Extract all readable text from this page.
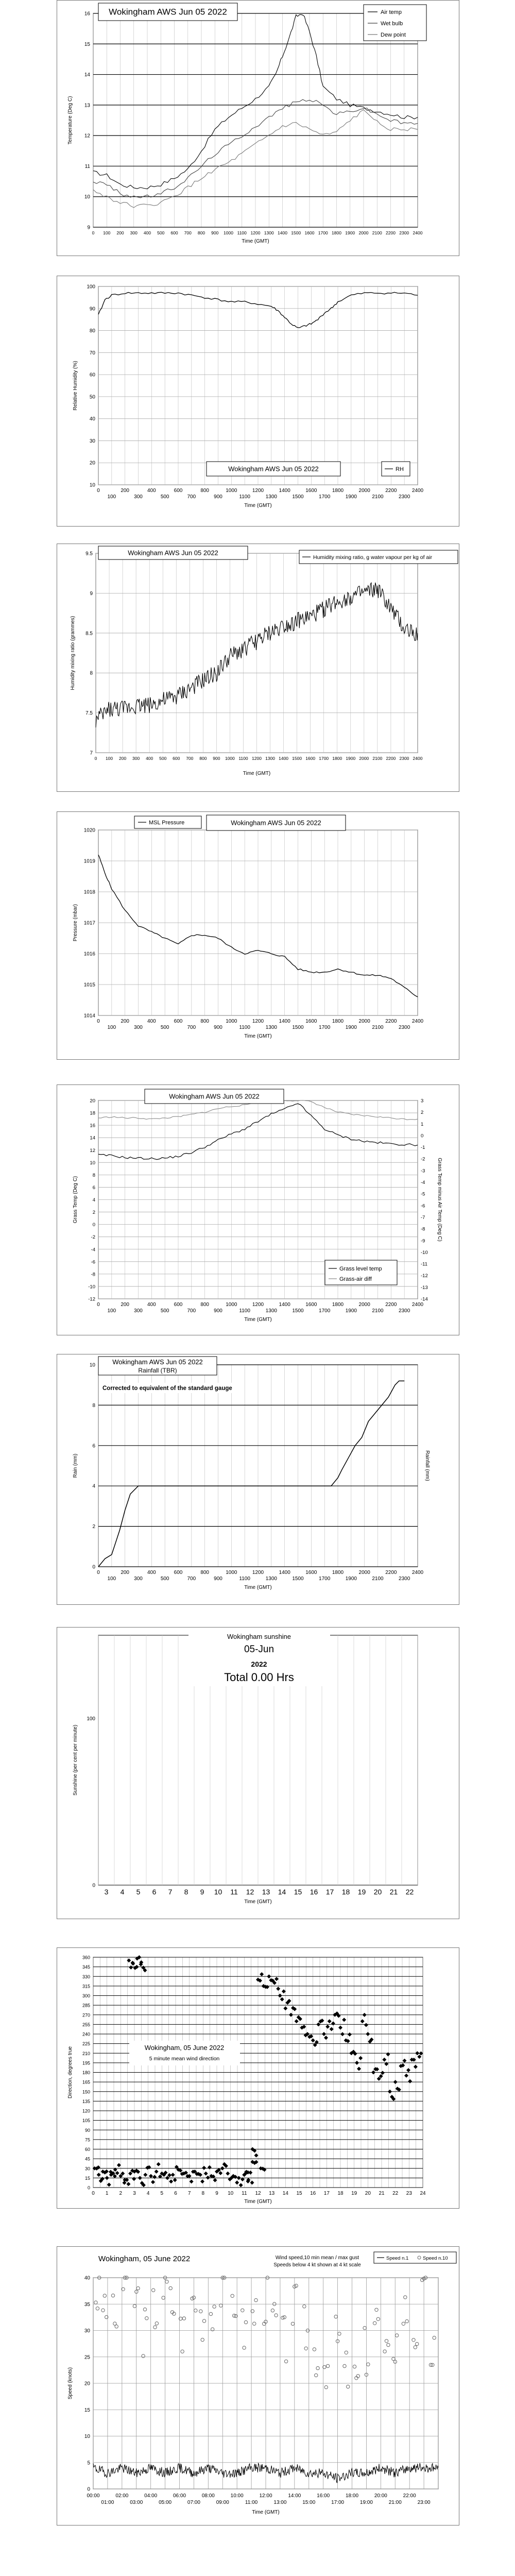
9
10
11
12
13
14
15
16
0 100 200 300 400 500 600 700 800 900 1000 1100 1200 1300 1400 1500 1600 1700 1800 1900 2000 2100 2200 2300 2400
Time (GMT)
Temperature (Deg C)
Wokingham AWS Jun 05 2022	Air temp
Wet bulb
Dew point
10
20
30
40
50
60
70
80
90
100
0	200	400	600	800	1000	1200	1400	1600	1800	2000	2200	2400
100	300	500	700	900	1100	1300	1500	1700	1900	2100	2300
Time (GMT)
Relative Humidity (%)
Wokingham AWS Jun 05 2022	RH
7
7.5
8
8.5
9
9.5
0 100 200 300 400 500 600 700 800 900 1000 1100 1200 1300 1400 1500 1600 1700 1800 1900 2000 2100 2200 2300 2400
Time (GMT)
Humidity mixing ratio (grammes)
Wokingham AWS Jun 05 2022
Humidity mixing ratio, g water vapour per kg of air
1014
1015
1016
1017
1018
1019
1020
0	200	400	600	800	1000	1200	1400	1600	1800	2000	2200	2400
100	300	500	700	900	1100	1300	1500	1700	1900	2100	2300
Time (GMT)
Pressure (mbar)
MSL Pressure	Wokingham AWS Jun 05 2022
20
18
16
14
12
10
8
6
4
2
0
-2
-4
-6
-8
-10
-12
3
2
1
0
-1
-2
-3
-4
-5
-6
-7
-8
-9
-10
-11
-12
-13
-14
0	200	400	600	800	1000	1200	1400	1600	1800	2000	2200	2400
100	300	500	700	900	1100	1300	1500	1700	1900	2100	2300
Time (GMT)
Grass Temp (Deg C)	Grass Temp minus Air Temp (Deg C)
Wokingham AWS Jun 05 2022
Grass level temp
Grass-air diff
0
2
4
6
8
10
0	200	400	600	800	1000	1200	1400	1600	1800	2000	2200	2400
100	300	500	700	900	1100	1300	1500	1700	1900	2100	2300
Time (GMT)
Rain (mm)	Rainfall (mm)
Wokingham AWS Jun 05 2022
Rainfall (TBR)
Corrected to equivalent of the standard gauge
0
100
3 4 5 6 7 8 9 10 11 12 13 14 15 16 17 18 19 20 21 22
Time (GMT)
Sunshine (per cent per minute)
Wokingham sunshine
05-Jun
2022
Total 0.00 Hrs
0
15
30
45
60
75
90
105
120
135
150
165
180
195
210
225
240
255
270
285
300
315
330
345
360
0 1 2 3 4 5 6 7 8 9 10 11 12 13 14 15 16 17 18 19 20 21 22 23 24
Time (GMT)
Direction, degrees true	Wokingham, 05 June 2022
5 minute mean wind direction
0
5
10
15
20
25
30
35
40
00:00	02:00	04:00	06:00	08:00	10:00	12:00	14:00	16:00	18:00	20:00	22:00
01:00	03:00	05:00	07:00	09:00	11:00	13:00	15:00	17:00	19:00	21:00	23:00
Time (GMT)
Speed (knots)
Wokingham, 05 June 2022	Wind speed,10 min mean / max gust
Speeds below 4 kt shown at 4 kt scale
Speed n.1	Speed n.10
